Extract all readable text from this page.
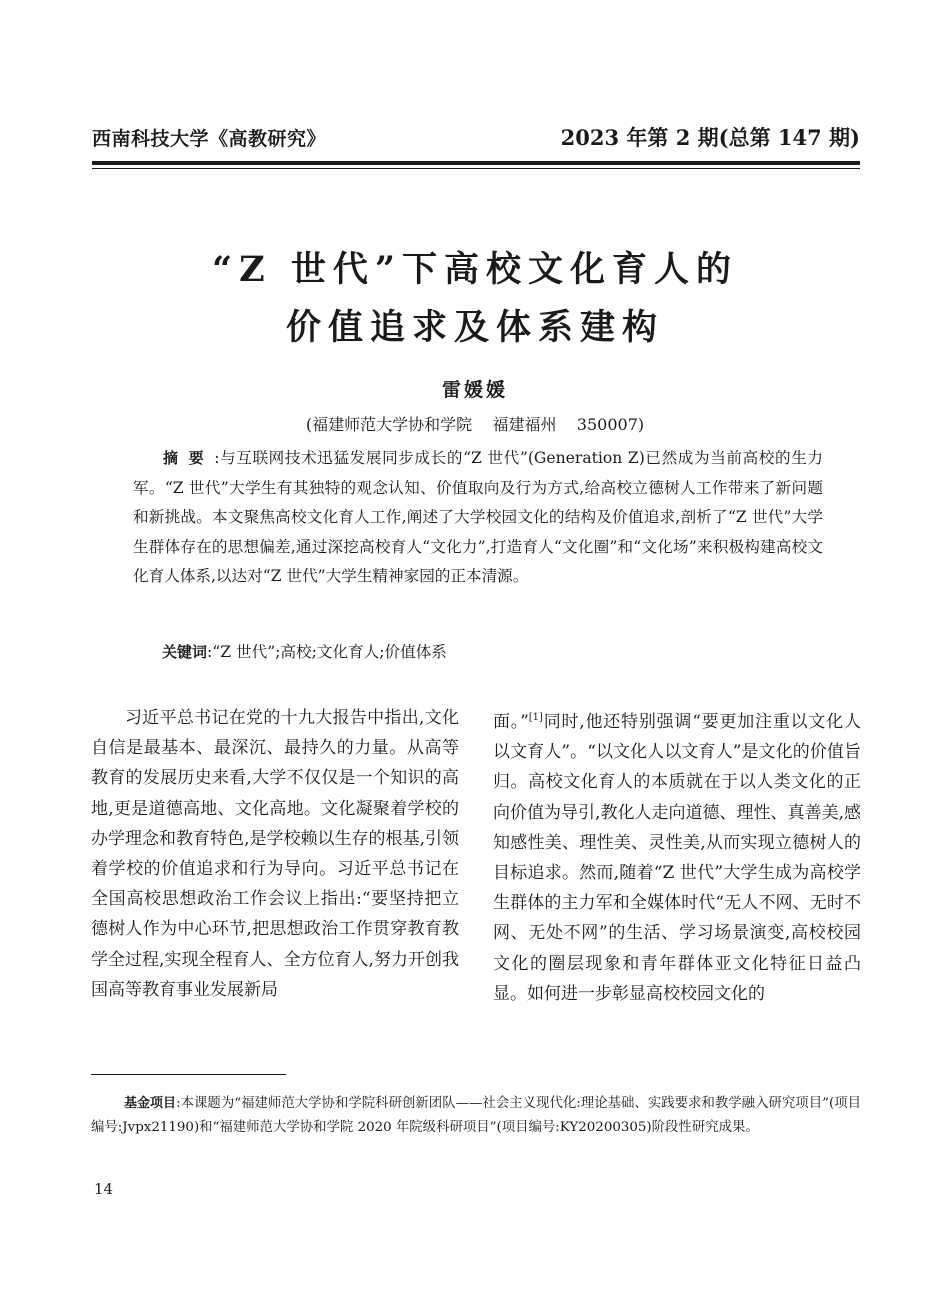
西南科技大学《高教研究》	2023 年第 2 期(总第 147 期)
“Z 世代”下高校文化育人的
价值追求及体系建构
雷媛媛
(福建师范大学协和学院    福建福州    350007)
摘要:与互联网技术迅猛发展同步成长的“Z 世代”(Generation Z)已然成为当前高校的生力军。“Z 世代”大学生有其独特的观念认知、价值取向及行为方式,给高校立德树人工作带来了新问题和新挑战。本文聚焦高校文化育人工作,阐述了大学校园文化的结构及价值追求,剖析了“Z 世代”大学生群体存在的思想偏差,通过深挖高校育人“文化力”,打造育人“文化圈”和“文化场”来积极构建高校文化育人体系,以达对“Z 世代”大学生精神家园的正本清源。
关键词:“Z 世代”;高校;文化育人;价值体系
习近平总书记在党的十九大报告中指出,文化自信是最基本、最深沉、最持久的力量。从高等教育的发展历史来看,大学不仅仅是一个知识的高地,更是道德高地、文化高地。文化凝聚着学校的办学理念和教育特色,是学校赖以生存的根基,引领着学校的价值追求和行为导向。习近平总书记在全国高校思想政治工作会议上指出:“要坚持把立德树人作为中心环节,把思想政治工作贯穿教育教学全过程,实现全程育人、全方位育人,努力开创我国高等教育事业发展新局
面。”[1]同时,他还特别强调“要更加注重以文化人以文育人”。“以文化人以文育人”是文化的价值旨归。高校文化育人的本质就在于以人类文化的正向价值为导引,教化人走向道德、理性、真善美,感知感性美、理性美、灵性美,从而实现立德树人的目标追求。然而,随着“Z 世代”大学生成为高校学生群体的主力军和全媒体时代“无人不网、无时不网、无处不网”的生活、学习场景演变,高校校园文化的圈层现象和青年群体亚文化特征日益凸显。如何进一步彰显高校校园文化的
基金项目:本课题为“福建师范大学协和学院科研创新团队——社会主义现代化:理论基础、实践要求和教学融入研究项目”(项目编号:Jvpx21190)和“福建师范大学协和学院 2020 年院级科研项目”(项目编号:KY20200305)阶段性研究成果。
14
